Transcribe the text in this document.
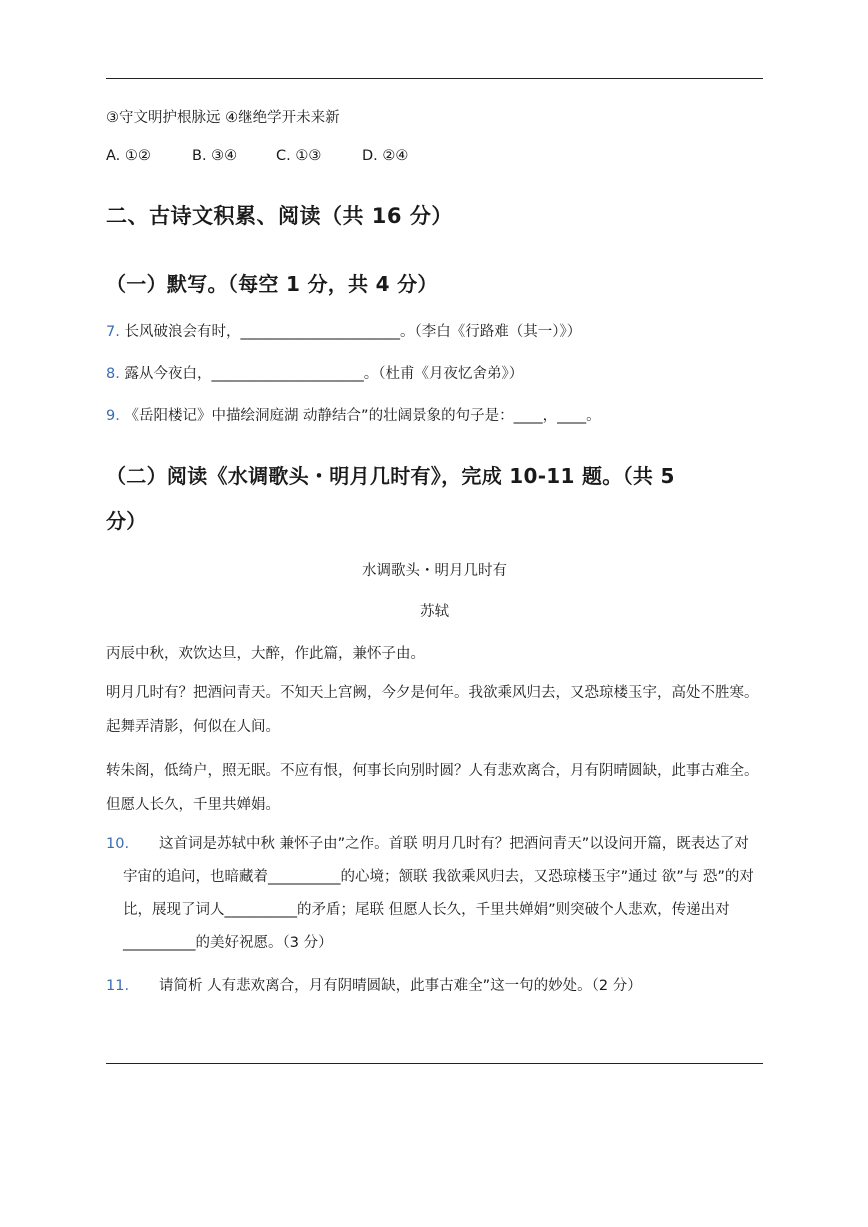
③守文明护根脉远 ④继绝学开未来新
A. ①②	B. ③④	C. ①③	D. ②④
二、古诗文积累、阅读（共 16 分）
（一）默写。（每空 1 分，共 4 分）
7. 长风破浪会有时，______________________。（李白《行路难（其一）》）
8. 露从今夜白，_____________________。（杜甫《月夜忆舍弟》）
9. 《岳阳楼记》中描绘洞庭湖 动静结合”的壮阔景象的句子是：____，____。
（二）阅读《水调歌头・明月几时有》，完成 10-11 题。（共 5
分）
水调歌头・明月几时有
苏轼
丙辰中秋，欢饮达旦，大醉，作此篇，兼怀子由。
明月几时有？把酒问青天。不知天上宫阙，今夕是何年。我欲乘风归去，又恐琼楼玉宇，高处不胜寒。起舞弄清影，何似在人间。
转朱阁，低绮户，照无眠。不应有恨，何事长向别时圆？人有悲欢离合，月有阴晴圆缺，此事古难全。但愿人长久，千里共婵娟。
10.	这首词是苏轼中秋 兼怀子由”之作。首联 明月几时有？把酒问青天”以设问开篇，既表达了对宇宙的追问，也暗藏着__________的心境；颔联 我欲乘风归去，又恐琼楼玉宇”通过 欲”与 恐”的对比，展现了词人__________的矛盾；尾联 但愿人长久，千里共婵娟”则突破个人悲欢，传递出对__________的美好祝愿。（3 分）

11. 请简析 人有悲欢离合，月有阴晴圆缺，此事古难全”这一句的妙处。（2 分）
